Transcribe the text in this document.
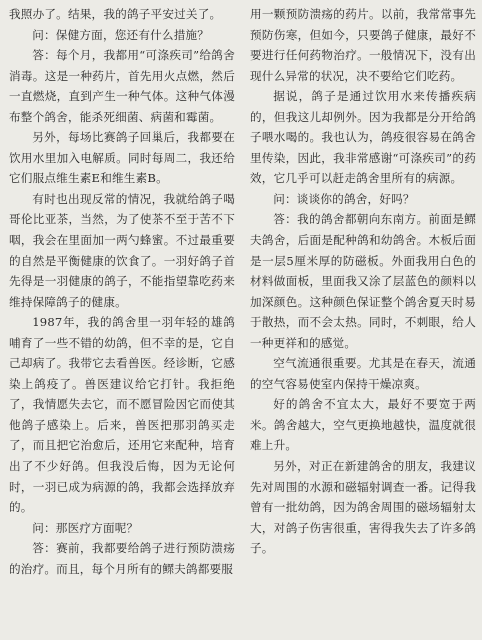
我照办了。结果，我的鸽子平安过关了。

问：保健方面，您还有什么措施？

答：每个月，我都用“可涤疾司”给鸽舍消毒。这是一种药片，首先用火点燃，然后一直燃烧，直到产生一种气体。这种气体漫布整个鸽舍，能杀死细菌、病菌和霉菌。

另外，每场比赛鸽子回巢后，我都要在饮用水里加入电解质。同时每周二，我还给它们服点维生素E和维生素B。

有时也出现反常的情况，我就给鸽子喝哥伦比亚茶，当然，为了使茶不至于苦不下咽，我会在里面加一两勺蜂蜜。不过最重要的自然是平衡健康的饮食了。一羽好鸽子首先得是一羽健康的鸽子，不能指望靠吃药来维持保障鸽子的健康。

1987年，我的鸽舍里一羽年轻的雄鸽哺育了一些不错的幼鸽，但不幸的是，它自己却病了。我带它去看兽医。经诊断，它感染上鸽疫了。兽医建议给它打针。我拒绝了，我情愿失去它，而不愿冒险因它而使其他鸽子感染上。后来，兽医把那羽鸽买走了，而且把它治愈后，还用它来配种，培育出了不少好鸽。但我没后悔，因为无论何时，一羽已成为病源的鸽，我都会选择放弃的。

问：那医疗方面呢？

答：赛前，我都要给鸽子进行预防溃疡的治疗。而且，每个月所有的鳏夫鸽都要服

用一颗预防溃疡的药片。以前，我常常事先预防伤寒，但如今，只要鸽子健康，最好不要进行任何药物治疗。一般情况下，没有出现什么异常的状况，决不要给它们吃药。

据说，鸽子是通过饮用水来传播疾病的，但我这儿却例外。因为我都是分开给鸽子喂水喝的。我也认为，鸽疫很容易在鸽舍里传染，因此，我非常感谢“可涤疾司”的药效，它几乎可以赶走鸽舍里所有的病源。

问：谈谈你的鸽舍，好吗？

答：我的鸽舍都朝向东南方。前面是鳏夫鸽舍，后面是配种鸽和幼鸽舍。木板后面是一层5厘米厚的防磁板。外面我用白色的材料做面板，里面我又涂了层蓝色的颜料以加深颜色。这种颜色保证整个鸽舍夏天时易于散热，而不会太热。同时，不刺眼，给人一种更祥和的感觉。

空气流通很重要。尤其是在春天，流通的空气容易使室内保持干燥凉爽。

好的鸽舍不宜太大，最好不要宽于两米。鸽舍越大，空气更换地越快，温度就很难上升。

另外，对正在新建鸽舍的朋友，我建议先对周围的水源和磁辐射调查一番。记得我曾有一批幼鸽，因为鸽舍周围的磁场辐射太大，对鸽子伤害很重，害得我失去了许多鸽子。
